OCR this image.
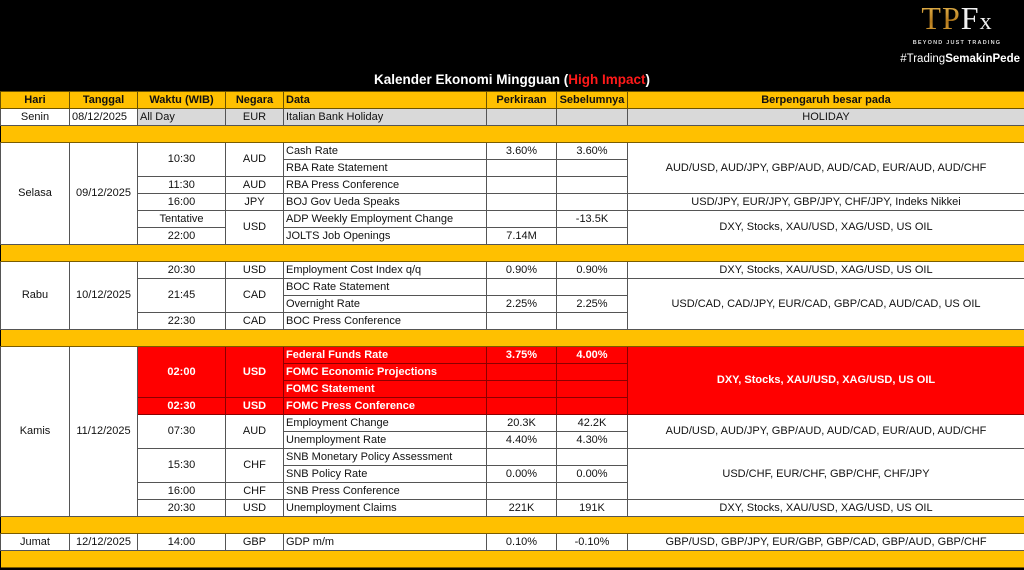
TPFx
BEYOND JUST TRADING
#TradingSemakinPede
Kalender Ekonomi Mingguan (High Impact)
Hari	Tanggal	Waktu (WIB)	Negara	Data	Perkiraan	Sebelumnya	Berpengaruh besar pada
Senin	08/12/2025	All Day	EUR	Italian Bank Holiday			HOLIDAY

Selasa	09/12/2025	10:30	AUD	Cash Rate	3.60%	3.60%	AUD/USD, AUD/JPY, GBP/AUD, AUD/CAD, EUR/AUD, AUD/CHF
				RBA Rate Statement			
		11:30	AUD	RBA Press Conference			
		16:00	JPY	BOJ Gov Ueda Speaks			USD/JPY, EUR/JPY, GBP/JPY, CHF/JPY, Indeks Nikkei
		Tentative	USD	ADP Weekly Employment Change		-13.5K	DXY, Stocks, XAU/USD, XAG/USD, US OIL
		22:00		JOLTS Job Openings	7.14M		

Rabu	10/12/2025	20:30	USD	Employment Cost Index q/q	0.90%	0.90%	DXY, Stocks, XAU/USD, XAG/USD, US OIL
		21:45	CAD	BOC Rate Statement			USD/CAD, CAD/JPY, EUR/CAD, GBP/CAD, AUD/CAD, US OIL
				Overnight Rate	2.25%	2.25%	
		22:30	CAD	BOC Press Conference			

Kamis	11/12/2025	02:00	USD	Federal Funds Rate	3.75%	4.00%	DXY, Stocks, XAU/USD, XAG/USD, US OIL
				FOMC Economic Projections			
				FOMC Statement			
		02:30	USD	FOMC Press Conference			
		07:30	AUD	Employment Change	20.3K	42.2K	AUD/USD, AUD/JPY, GBP/AUD, AUD/CAD, EUR/AUD, AUD/CHF
				Unemployment Rate	4.40%	4.30%	
		15:30	CHF	SNB Monetary Policy Assessment			USD/CHF, EUR/CHF, GBP/CHF, CHF/JPY
				SNB Policy Rate	0.00%	0.00%	
		16:00	CHF	SNB Press Conference			
		20:30	USD	Unemployment Claims	221K	191K	DXY, Stocks, XAU/USD, XAG/USD, US OIL

Jumat	12/12/2025	14:00	GBP	GDP m/m	0.10%	-0.10%	GBP/USD, GBP/JPY, EUR/GBP, GBP/CAD, GBP/AUD, GBP/CHF
